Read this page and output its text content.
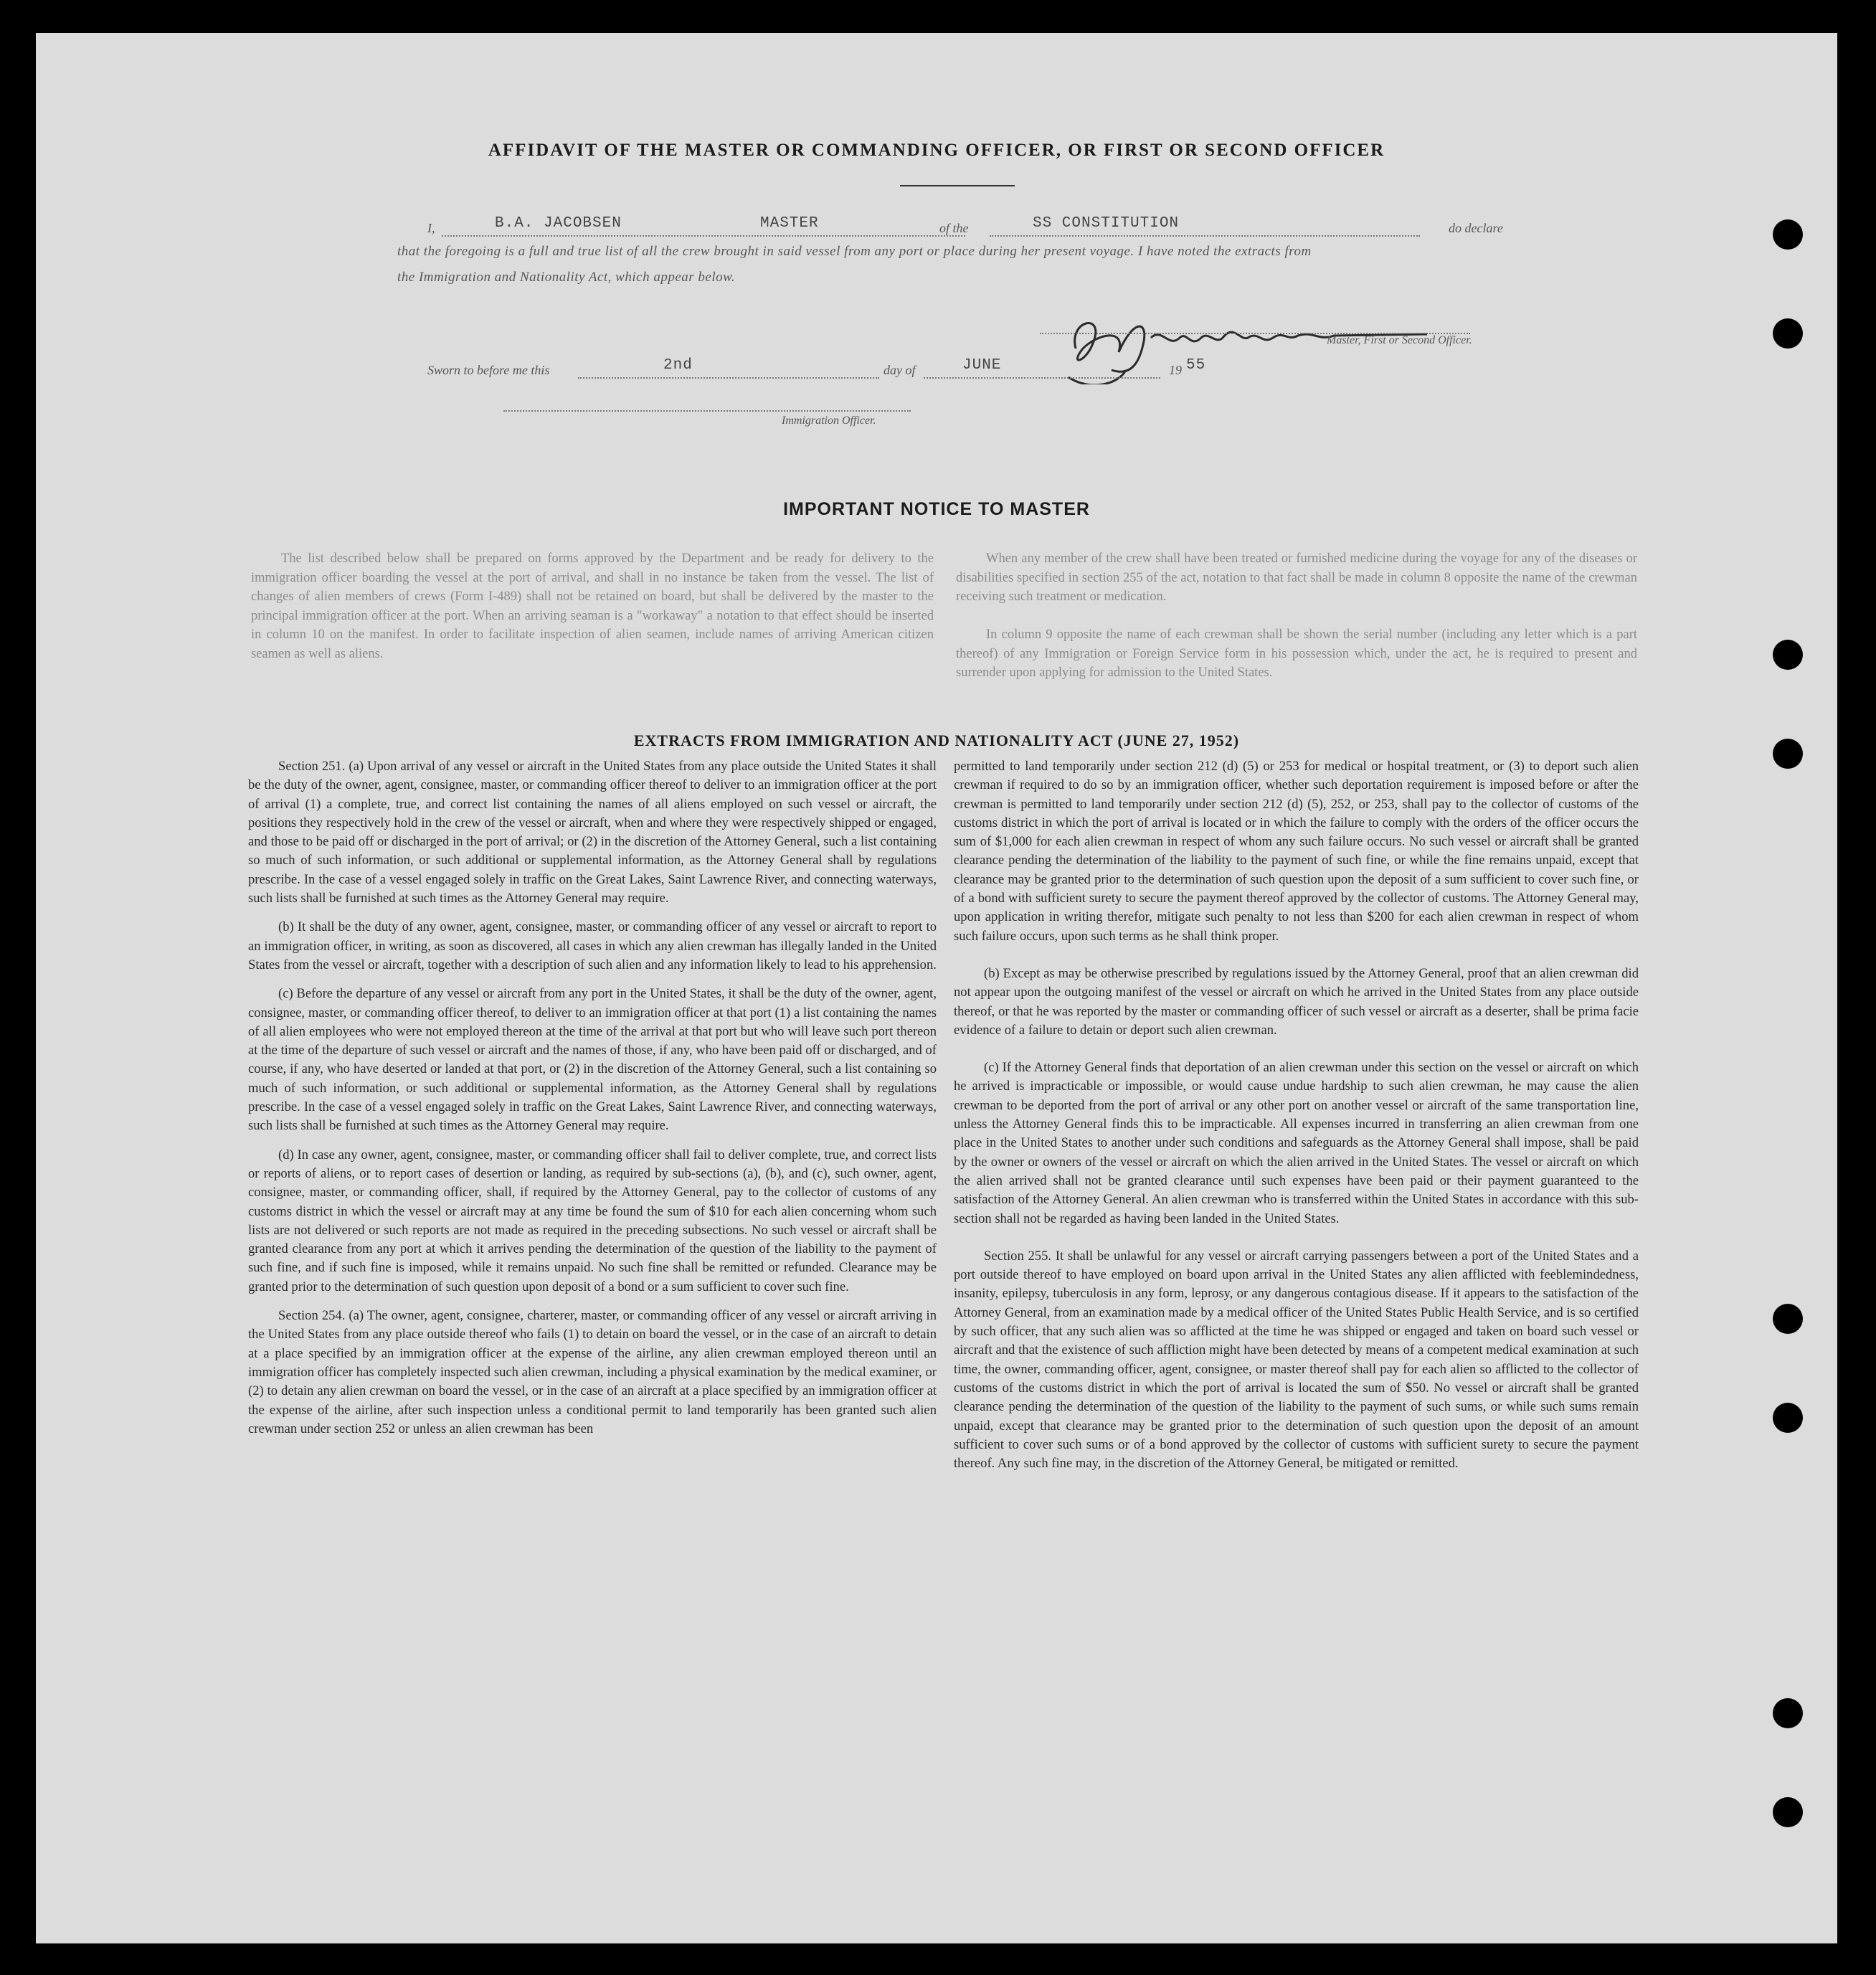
AFFIDAVIT OF THE MASTER OR COMMANDING OFFICER, OR FIRST OR SECOND OFFICER
I,	B.A. JACOBSEN	MASTER	of the	SS CONSTITUTION	do declare
that the foregoing is a full and true list of all the crew brought in said vessel from any port or place during her present voyage. I have noted the extracts from
the Immigration and Nationality Act, which appear below.
Master, First or Second Officer.
Sworn to before me this	2nd	day of	JUNE	19 55
Immigration Officer.
IMPORTANT NOTICE TO MASTER

The list described below shall be prepared on forms approved by the Department and be ready for delivery to the immigration officer boarding the vessel at the port of arrival, and shall in no instance be taken from the vessel. The list of changes of alien members of crews (Form I-489) shall not be retained on board, but shall be delivered by the master to the principal immigration officer at the port. When an arriving seaman is a "workaway" a notation to that effect should be inserted in column 10 on the manifest. In order to facilitate inspection of alien seamen, include names of arriving American citizen seamen as well as aliens.

When any member of the crew shall have been treated or furnished medicine during the voyage for any of the diseases or disabilities specified in section 255 of the act, notation to that fact shall be made in column 8 opposite the name of the crewman receiving such treatment or medication.

In column 9 opposite the name of each crewman shall be shown the serial number (including any letter which is a part thereof) of any Immigration or Foreign Service form in his possession which, under the act, he is required to present and surrender upon applying for admission to the United States.

EXTRACTS FROM IMMIGRATION AND NATIONALITY ACT (JUNE 27, 1952)

Section 251. (a) Upon arrival of any vessel or aircraft in the United States from any place outside the United States it shall be the duty of the owner, agent, consignee, master, or commanding officer thereof to deliver to an immigration officer at the port of arrival (1) a complete, true, and correct list containing the names of all aliens employed on such vessel or aircraft, the positions they respectively hold in the crew of the vessel or aircraft, when and where they were respectively shipped or engaged, and those to be paid off or discharged in the port of arrival; or (2) in the discretion of the Attorney General, such a list containing so much of such information, or such additional or supplemental information, as the Attorney General shall by regulations prescribe. In the case of a vessel engaged solely in traffic on the Great Lakes, Saint Lawrence River, and connecting waterways, such lists shall be furnished at such times as the Attorney General may require.

(b) It shall be the duty of any owner, agent, consignee, master, or commanding officer of any vessel or aircraft to report to an immigration officer, in writing, as soon as discovered, all cases in which any alien crewman has illegally landed in the United States from the vessel or aircraft, together with a description of such alien and any information likely to lead to his apprehension.

(c) Before the departure of any vessel or aircraft from any port in the United States, it shall be the duty of the owner, agent, consignee, master, or commanding officer thereof, to deliver to an immigration officer at that port (1) a list containing the names of all alien employees who were not employed thereon at the time of the arrival at that port but who will leave such port thereon at the time of the departure of such vessel or aircraft and the names of those, if any, who have been paid off or discharged, and of course, if any, who have deserted or landed at that port, or (2) in the discretion of the Attorney General, such a list containing so much of such information, or such additional or supplemental information, as the Attorney General shall by regulations prescribe. In the case of a vessel engaged solely in traffic on the Great Lakes, Saint Lawrence River, and connecting waterways, such lists shall be furnished at such times as the Attorney General may require.

(d) In case any owner, agent, consignee, master, or commanding officer shall fail to deliver complete, true, and correct lists or reports of aliens, or to report cases of desertion or landing, as required by sub-sections (a), (b), and (c), such owner, agent, consignee, master, or commanding officer, shall, if required by the Attorney General, pay to the collector of customs of any customs district in which the vessel or aircraft may at any time be found the sum of $10 for each alien concerning whom such lists are not delivered or such reports are not made as required in the preceding subsections. No such vessel or aircraft shall be granted clearance from any port at which it arrives pending the determination of the question of the liability to the payment of such fine, and if such fine is imposed, while it remains unpaid. No such fine shall be remitted or refunded. Clearance may be granted prior to the determination of such question upon deposit of a bond or a sum sufficient to cover such fine.

Section 254. (a) The owner, agent, consignee, charterer, master, or commanding officer of any vessel or aircraft arriving in the United States from any place outside thereof who fails (1) to detain on board the vessel, or in the case of an aircraft to detain at a place specified by an immigration officer at the expense of the airline, any alien crewman employed thereon until an immigration officer has completely inspected such alien crewman, including a physical examination by the medical examiner, or (2) to detain any alien crewman on board the vessel, or in the case of an aircraft at a place specified by an immigration officer at the expense of the airline, after such inspection unless a conditional permit to land temporarily has been granted such alien crewman under section 252 or unless an alien crewman has been

permitted to land temporarily under section 212 (d) (5) or 253 for medical or hospital treatment, or (3) to deport such alien crewman if required to do so by an immigration officer, whether such deportation requirement is imposed before or after the crewman is permitted to land temporarily under section 212 (d) (5), 252, or 253, shall pay to the collector of customs of the customs district in which the port of arrival is located or in which the failure to comply with the orders of the officer occurs the sum of $1,000 for each alien crewman in respect of whom any such failure occurs. No such vessel or aircraft shall be granted clearance pending the determination of the liability to the payment of such fine, or while the fine remains unpaid, except that clearance may be granted prior to the determination of such question upon the deposit of a sum sufficient to cover such fine, or of a bond with sufficient surety to secure the payment thereof approved by the collector of customs. The Attorney General may, upon application in writing therefor, mitigate such penalty to not less than $200 for each alien crewman in respect of whom such failure occurs, upon such terms as he shall think proper.

(b) Except as may be otherwise prescribed by regulations issued by the Attorney General, proof that an alien crewman did not appear upon the outgoing manifest of the vessel or aircraft on which he arrived in the United States from any place outside thereof, or that he was reported by the master or commanding officer of such vessel or aircraft as a deserter, shall be prima facie evidence of a failure to detain or deport such alien crewman.

(c) If the Attorney General finds that deportation of an alien crewman under this section on the vessel or aircraft on which he arrived is impracticable or impossible, or would cause undue hardship to such alien crewman, he may cause the alien crewman to be deported from the port of arrival or any other port on another vessel or aircraft of the same transportation line, unless the Attorney General finds this to be impracticable. All expenses incurred in transferring an alien crewman from one place in the United States to another under such conditions and safeguards as the Attorney General shall impose, shall be paid by the owner or owners of the vessel or aircraft on which the alien arrived in the United States. The vessel or aircraft on which the alien arrived shall not be granted clearance until such expenses have been paid or their payment guaranteed to the satisfaction of the Attorney General. An alien crewman who is transferred within the United States in accordance with this sub-section shall not be regarded as having been landed in the United States.

Section 255. It shall be unlawful for any vessel or aircraft carrying passengers between a port of the United States and a port outside thereof to have employed on board upon arrival in the United States any alien afflicted with feeblemindedness, insanity, epilepsy, tuberculosis in any form, leprosy, or any dangerous contagious disease. If it appears to the satisfaction of the Attorney General, from an examination made by a medical officer of the United States Public Health Service, and is so certified by such officer, that any such alien was so afflicted at the time he was shipped or engaged and taken on board such vessel or aircraft and that the existence of such affliction might have been detected by means of a competent medical examination at such time, the owner, commanding officer, agent, consignee, or master thereof shall pay for each alien so afflicted to the collector of customs of the customs district in which the port of arrival is located the sum of $50. No vessel or aircraft shall be granted clearance pending the determination of the question of the liability to the payment of such sums, or while such sums remain unpaid, except that clearance may be granted prior to the determination of such question upon the deposit of an amount sufficient to cover such sums or of a bond approved by the collector of customs with sufficient surety to secure the payment thereof. Any such fine may, in the discretion of the Attorney General, be mitigated or remitted.
